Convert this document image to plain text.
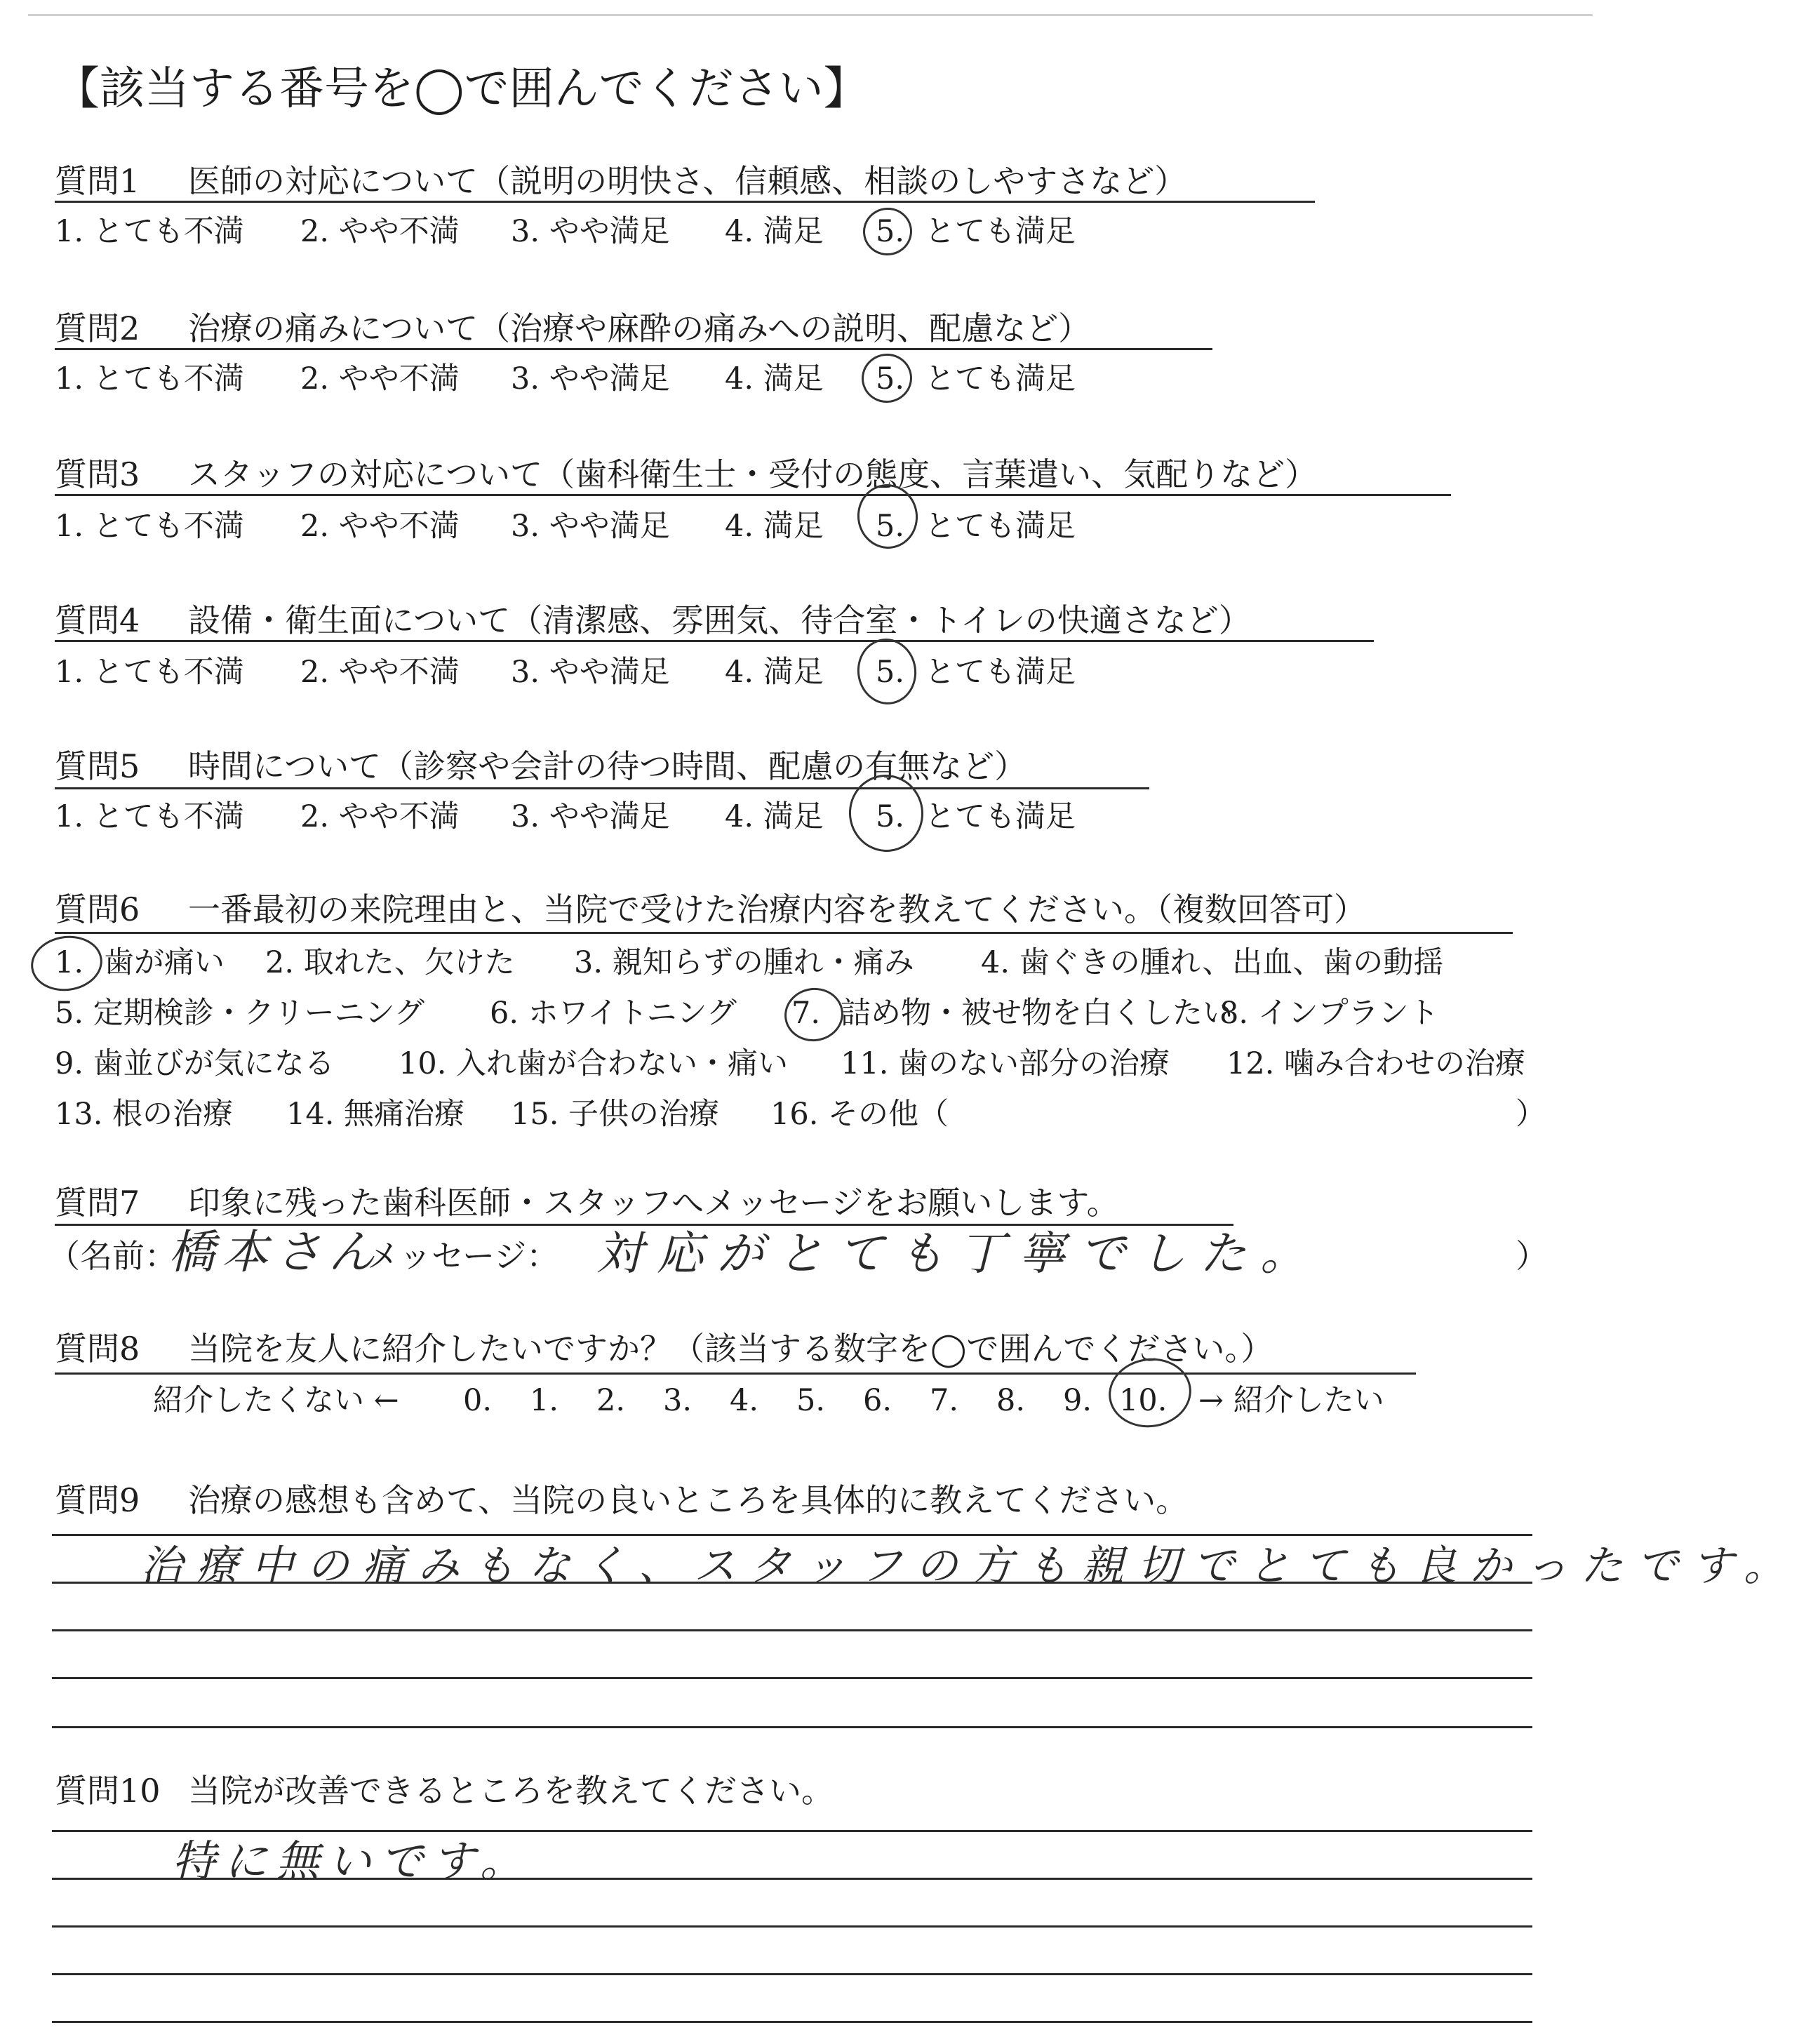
【該当する番号を◯で囲んでください】
質問1 医師の対応について（説明の明快さ、信頼感、相談のしやすさなど）
1. とても不満 2. やや不満 3. やや満足 4. 満足 5. とても満足
質問2 治療の痛みについて（治療や麻酔の痛みへの説明、配慮など）
1. とても不満 2. やや不満 3. やや満足 4. 満足 5. とても満足
質問3 スタッフの対応について（歯科衛生士・受付の態度、言葉遣い、気配りなど）
1. とても不満 2. やや不満 3. やや満足 4. 満足 5. とても満足
質問4 設備・衛生面について（清潔感、雰囲気、待合室・トイレの快適さなど）
1. とても不満 2. やや不満 3. やや満足 4. 満足 5. とても満足
質問5 時間について（診察や会計の待つ時間、配慮の有無など）
1. とても不満 2. やや不満 3. やや満足 4. 満足 5. とても満足
質問6 一番最初の来院理由と、当院で受けた治療内容を教えてください。（複数回答可）
1. 歯が痛い 2. 取れた、欠けた 3. 親知らずの腫れ・痛み 4. 歯ぐきの腫れ、出血、歯の動揺
5. 定期検診・クリーニング 6. ホワイトニング 7. 詰め物・被せ物を白くしたい
8. インプラント
9. 歯並びが気になる 10. 入れ歯が合わない・痛い 11. 歯のない部分の治療 12. 噛み合わせの治療
13. 根の治療 14. 無痛治療 15. 子供の治療 16. その他（	）
質問7 印象に残った歯科医師・スタッフへメッセージをお願いします。
（名前：	メッセージ：	）
橋本さん	対応がとても丁寧でした。
質問8 当院を友人に紹介したいですか？（該当する数字を◯で囲んでください。）
紹介したくない ← 0. 1. 2. 3. 4. 5. 6. 7. 8. 9. 10. → 紹介したい
質問9 治療の感想も含めて、当院の良いところを具体的に教えてください。
治療中の痛みもなく、スタッフの方も親切でとても良かったです。
質問10 当院が改善できるところを教えてください。
特に無いです。
